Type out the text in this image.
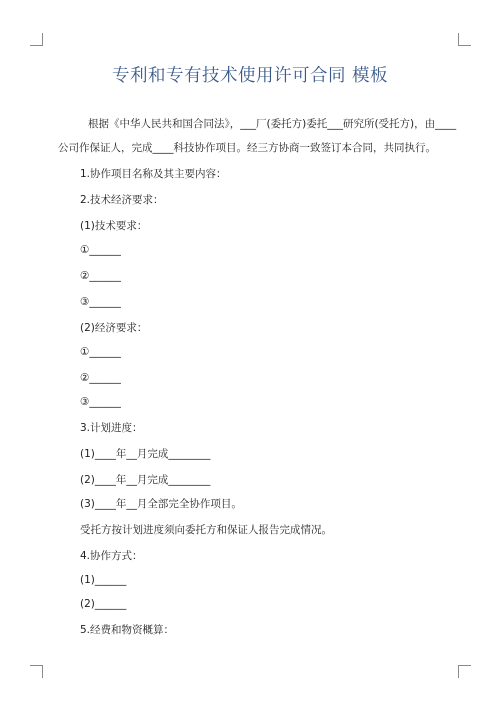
专利和专有技术使用许可合同 模板
根据《中华人民共和国合同法》，___厂(委托方)委托___研究所(受托方)，由____
公司作保证人，完成____科技协作项目。经三方协商一致签订本合同，共同执行。
1.协作项目名称及其主要内容：
2.技术经济要求：
(1)技术要求：
①______
②______
③______
(2)经济要求：
①______
②______
③______
3.计划进度：
(1)____年__月完成________
(2)____年__月完成________
(3)____年__月全部完全协作项目。
受托方按计划进度须向委托方和保证人报告完成情况。
4.协作方式：
(1)______
(2)______
5.经费和物资概算：
